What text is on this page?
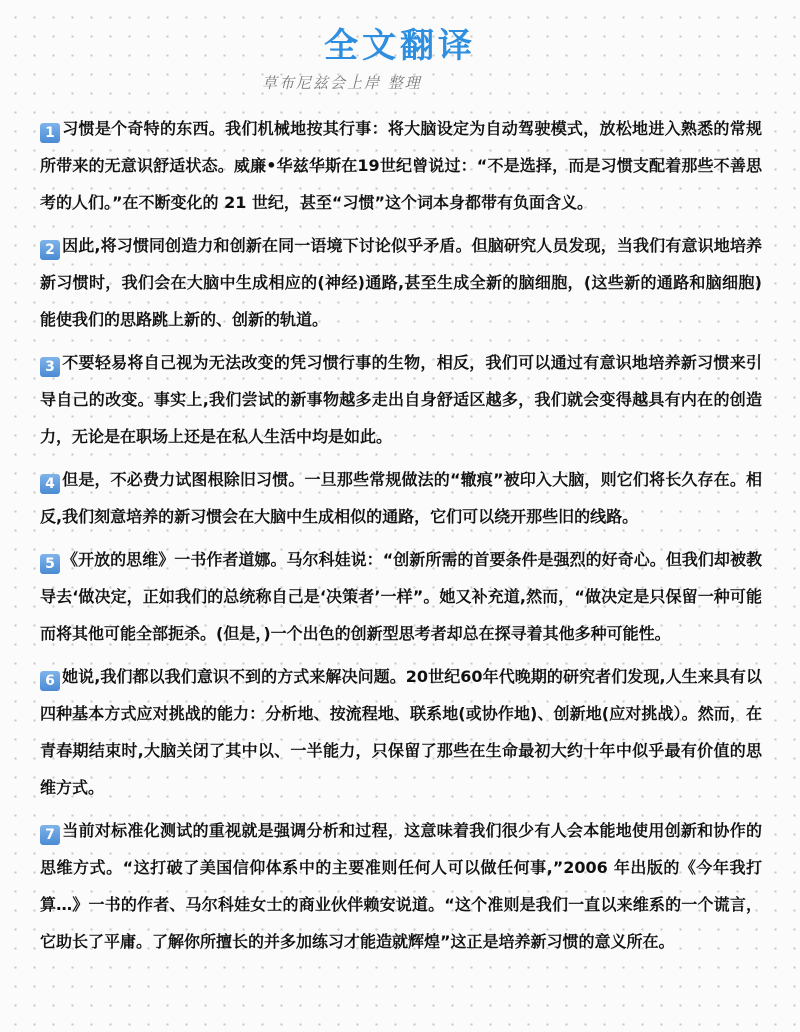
全文翻译
草布尼兹会上岸 整理

1 习惯是个奇特的东西。我们机械地按其行事：将大脑设定为自动驾驶模式，放松地进入熟悉的常规所带来的无意识舒适状态。威廉•华兹华斯在19世纪曾说过：“不是选择，而是习惯支配着那些不善思考的人们。”在不断变化的 21 世纪，甚至“习惯”这个词本身都带有负面含义。

2 因此,将习惯同创造力和创新在同一语境下讨论似乎矛盾。但脑研究人员发现，当我们有意识地培养新习惯时，我们会在大脑中生成相应的(神经)通路,甚至生成全新的脑细胞，(这些新的通路和脑细胞)能使我们的思路跳上新的、创新的轨道。

3 不要轻易将自己视为无法改变的凭习惯行事的生物，相反，我们可以通过有意识地培养新习惯来引导自己的改变。事实上,我们尝试的新事物越多走出自身舒适区越多，我们就会变得越具有内在的创造力，无论是在职场上还是在私人生活中均是如此。

4 但是，不必费力试图根除旧习惯。一旦那些常规做法的“辙痕”被印入大脑，则它们将长久存在。相反,我们刻意培养的新习惯会在大脑中生成相似的通路，它们可以绕开那些旧的线路。

5 《开放的思维》一书作者道娜。马尔科娃说：“创新所需的首要条件是强烈的好奇心。但我们却被教导去‘做决定，正如我们的总统称自己是‘决策者’一样”。她又补充道,然而，“做决定是只保留一种可能而将其他可能全部扼杀。(但是，)一个出色的创新型思考者却总在探寻着其他多种可能性。

6 她说,我们都以我们意识不到的方式来解决问题。20世纪60年代晚期的研究者们发现,人生来具有以四种基本方式应对挑战的能力：分析地、按流程地、联系地(或协作地)、创新地(应对挑战）。然而，在青春期结束时,大脑关闭了其中以、一半能力，只保留了那些在生命最初大约十年中似乎最有价值的思维方式。

7 当前对标准化测试的重视就是强调分析和过程，这意味着我们很少有人会本能地使用创新和协作的思维方式。“这打破了美国信仰体系中的主要准则任何人可以做任何事,”2006 年出版的《今年我打算…》一书的作者、马尔科娃女士的商业伙伴赖安说道。“这个准则是我们一直以来维系的一个谎言，它助长了平庸。了解你所擅长的并多加练习才能造就辉煌”这正是培养新习惯的意义所在。
